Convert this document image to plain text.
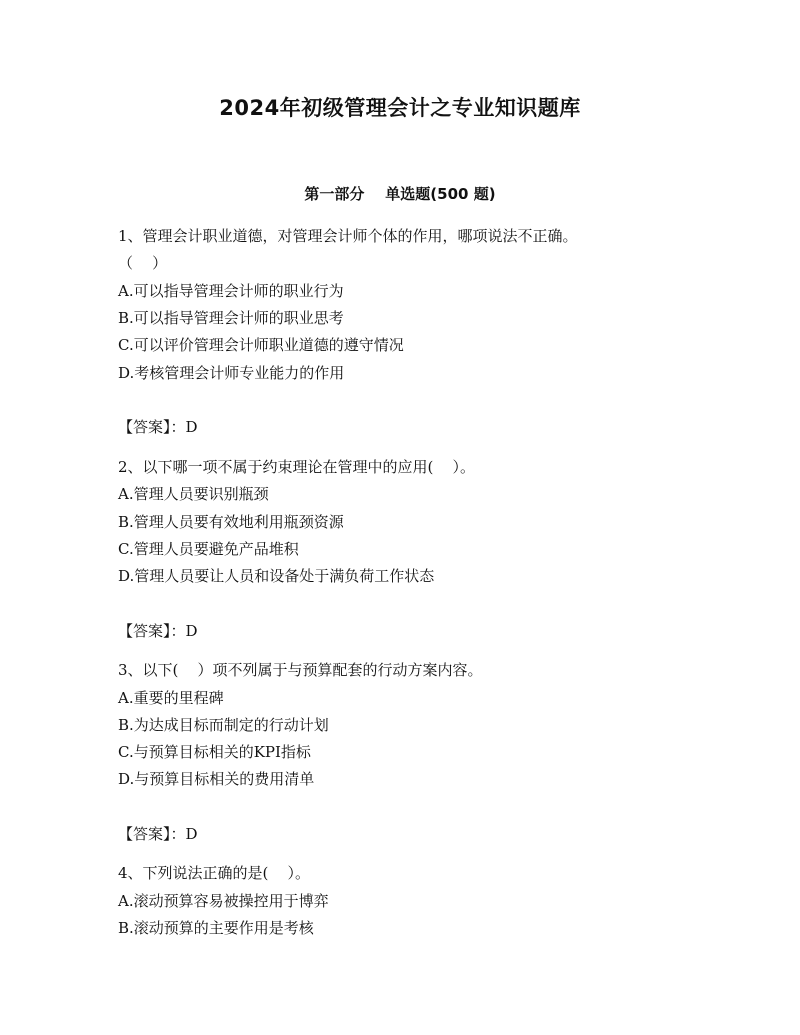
2024年初级管理会计之专业知识题库
第一部分    单选题(500 题)

1、管理会计职业道德，对管理会计师个体的作用，哪项说法不正确。

（    ）

A.可以指导管理会计师的职业行为

B.可以指导管理会计师的职业思考

C.可以评价管理会计师职业道德的遵守情况

D.考核管理会计师专业能力的作用

【答案】：D

2、以下哪一项不属于约束理论在管理中的应用(    ）。

A.管理人员要识别瓶颈

B.管理人员要有效地利用瓶颈资源

C.管理人员要避免产品堆积

D.管理人员要让人员和设备处于满负荷工作状态

【答案】：D

3、以下(    ）项不列属于与预算配套的行动方案内容。

A.重要的里程碑

B.为达成目标而制定的行动计划

C.与预算目标相关的KPI指标

D.与预算目标相关的费用清单

【答案】：D

4、下列说法正确的是(    ）。

A.滚动预算容易被操控用于博弈

B.滚动预算的主要作用是考核
